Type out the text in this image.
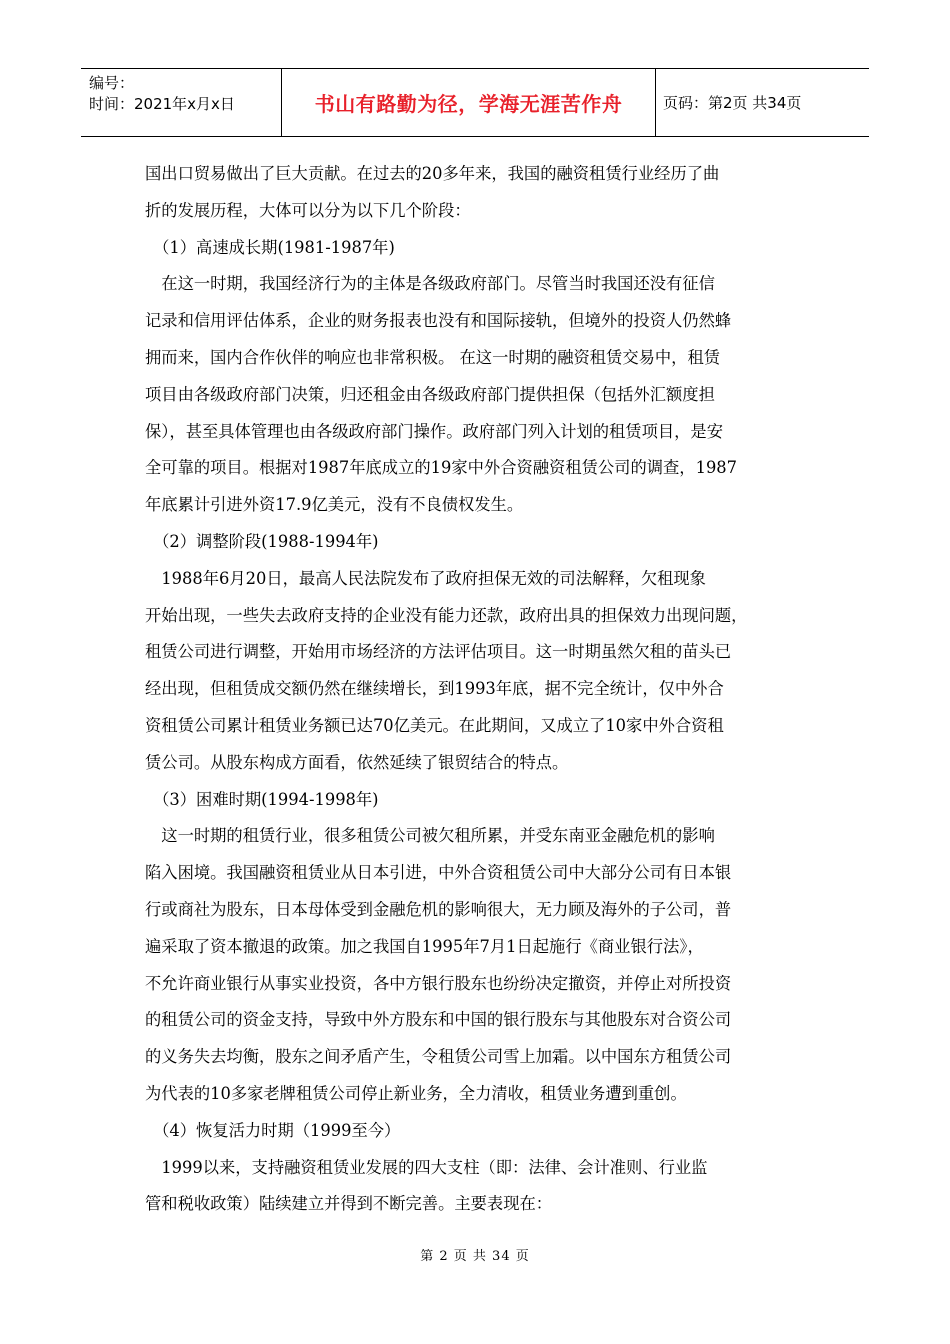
编号：
时间：2021年x月x日	书山有路勤为径，学海无涯苦作舟	页码：第2页 共34页

国出口贸易做出了巨大贡献。在过去的20多年来，我国的融资租赁行业经历了曲

折的发展历程，大体可以分为以下几个阶段：

　（1）高速成长期(1981-1987年)

　在这一时期，我国经济行为的主体是各级政府部门。尽管当时我国还没有征信

记录和信用评估体系，企业的财务报表也没有和国际接轨，但境外的投资人仍然蜂

拥而来，国内合作伙伴的响应也非常积极。 在这一时期的融资租赁交易中，租赁

项目由各级政府部门决策，归还租金由各级政府部门提供担保（包括外汇额度担

保），甚至具体管理也由各级政府部门操作。政府部门列入计划的租赁项目，是安

全可靠的项目。根据对1987年底成立的19家中外合资融资租赁公司的调查，1987

年底累计引进外资17.9亿美元，没有不良债权发生。

　（2）调整阶段(1988-1994年)

　1988年6月20日，最高人民法院发布了政府担保无效的司法解释，欠租现象

开始出现，一些失去政府支持的企业没有能力还款，政府出具的担保效力出现问题，

租赁公司进行调整，开始用市场经济的方法评估项目。这一时期虽然欠租的苗头已

经出现，但租赁成交额仍然在继续增长，到1993年底，据不完全统计，仅中外合

资租赁公司累计租赁业务额已达70亿美元。在此期间，又成立了10家中外合资租

赁公司。从股东构成方面看，依然延续了银贸结合的特点。

　（3）困难时期(1994-1998年)

　这一时期的租赁行业，很多租赁公司被欠租所累，并受东南亚金融危机的影响

陷入困境。我国融资租赁业从日本引进，中外合资租赁公司中大部分公司有日本银

行或商社为股东，日本母体受到金融危机的影响很大，无力顾及海外的子公司，普

遍采取了资本撤退的政策。加之我国自1995年7月1日起施行《商业银行法》，

不允许商业银行从事实业投资，各中方银行股东也纷纷决定撤资，并停止对所投资

的租赁公司的资金支持，导致中外方股东和中国的银行股东与其他股东对合资公司

的义务失去均衡，股东之间矛盾产生，令租赁公司雪上加霜。以中国东方租赁公司

为代表的10多家老牌租赁公司停止新业务，全力清收，租赁业务遭到重创。

　（4）恢复活力时期（1999至今）

　1999以来，支持融资租赁业发展的四大支柱（即：法律、会计准则、行业监

管和税收政策）陆续建立并得到不断完善。主要表现在：

第 2 页 共 34 页
